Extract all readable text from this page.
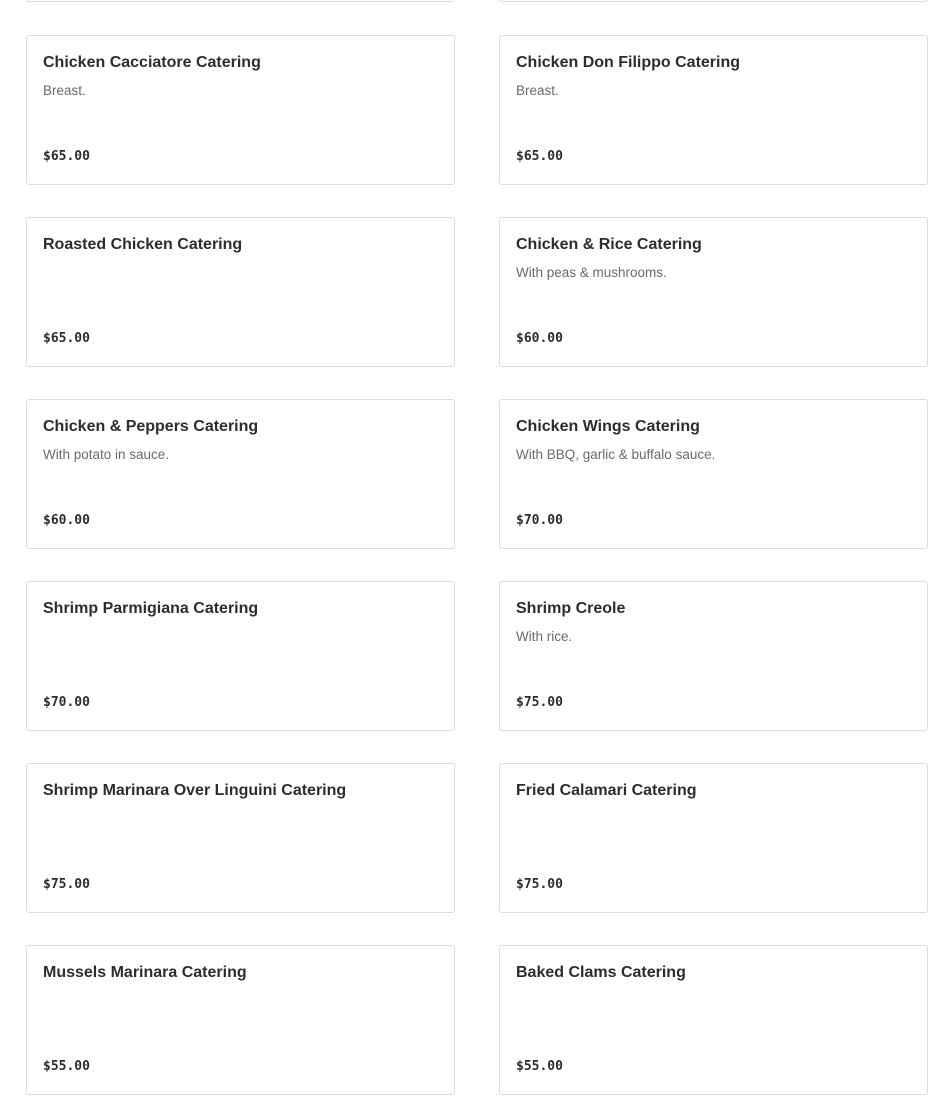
Chicken Cacciatore Catering
Breast.
$65.00
Chicken Don Filippo Catering
Breast.
$65.00
Roasted Chicken Catering
$65.00
Chicken & Rice Catering
With peas & mushrooms.
$60.00
Chicken & Peppers Catering
With potato in sauce.
$60.00
Chicken Wings Catering
With BBQ, garlic & buffalo sauce.
$70.00
Shrimp Parmigiana Catering
$70.00
Shrimp Creole
With rice.
$75.00
Shrimp Marinara Over Linguini Catering
$75.00
Fried Calamari Catering
$75.00
Mussels Marinara Catering
$55.00
Baked Clams Catering
$55.00
